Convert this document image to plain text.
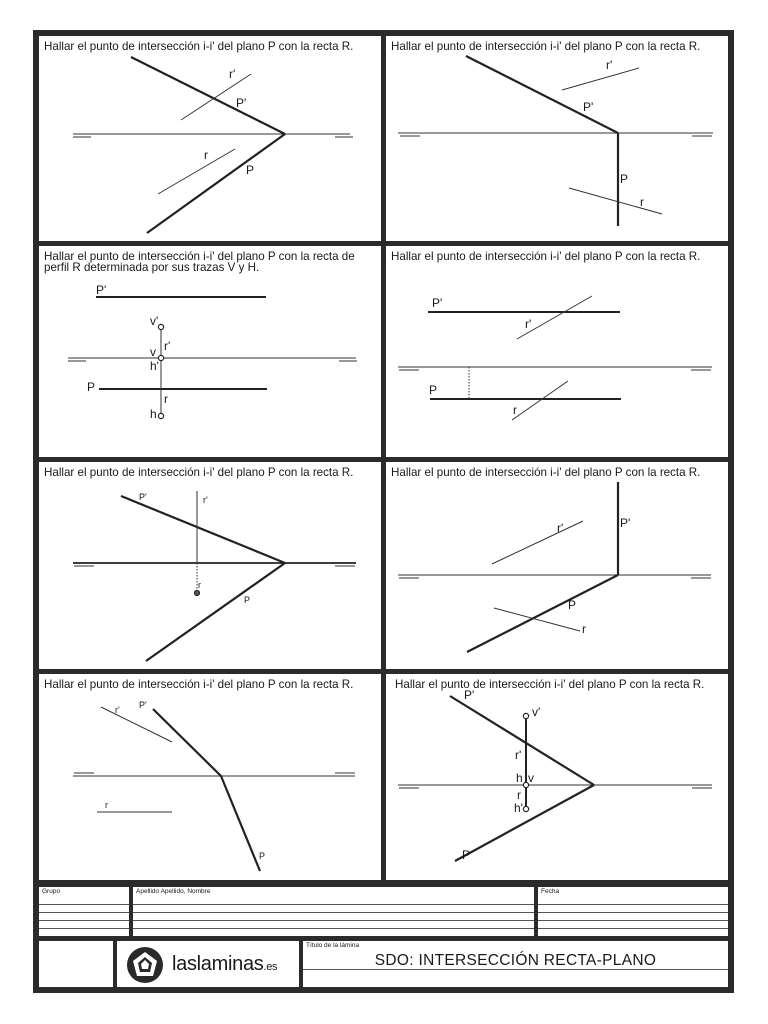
Hallar el punto de intersección i-i' del plano P con la recta R.

r'
P'
r
P

Hallar el punto de intersección i-i' del plano P con la recta R.

r'
P'
P
r

Hallar el punto de intersección i-i' del plano P con la recta de perfil R determinada por sus trazas V y H.

P'
v'
r'
v
h'
P
r
h

Hallar el punto de intersección i-i' del plano P con la recta R.

P'
r'
P
r

Hallar el punto de intersección i-i' del plano P con la recta R.

P'	r'
r
P

Hallar el punto de intersección i-i' del plano P con la recta R.

r'	P'
P
r

Hallar el punto de intersección i-i' del plano P con la recta R.

r' P'
r
P

Hallar el punto de intersección i-i' del plano P con la recta R.

P'
v'
r'
h v
r
h'
P
Grupo	Apellido Apellido, Nombre	Fecha
laslaminas.es
Título de la lámina
SDO: INTERSECCIÓN RECTA-PLANO
